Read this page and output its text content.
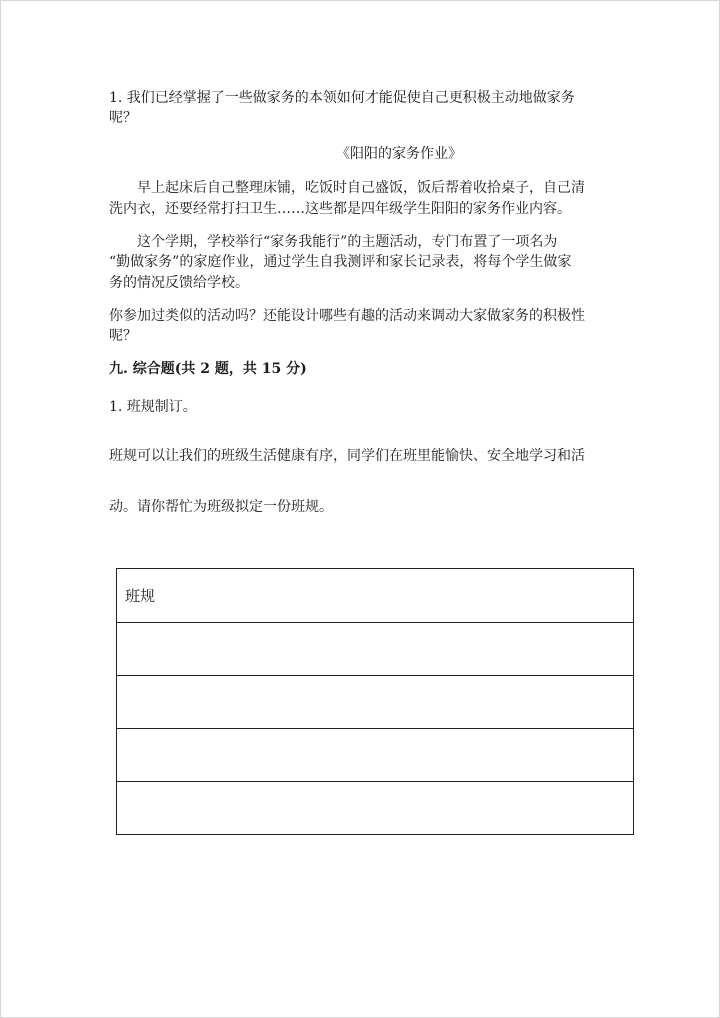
1. 我们已经掌握了一些做家务的本领如何才能促使自己更积极主动地做家务
呢？
《阳阳的家务作业》
早上起床后自己整理床铺，吃饭时自己盛饭，饭后帮着收拾桌子，自己清
洗内衣，还要经常打扫卫生……这些都是四年级学生阳阳的家务作业内容。
这个学期，学校举行“家务我能行”的主题活动，专门布置了一项名为
“勤做家务”的家庭作业，通过学生自我测评和家长记录表，将每个学生做家
务的情况反馈给学校。
你参加过类似的活动吗？还能设计哪些有趣的活动来调动大家做家务的积极性
呢？
九. 综合题(共 2 题，共 15 分)
1. 班规制订。
班规可以让我们的班级生活健康有序，同学们在班里能愉快、安全地学习和活
动。请你帮忙为班级拟定一份班规。
班规
